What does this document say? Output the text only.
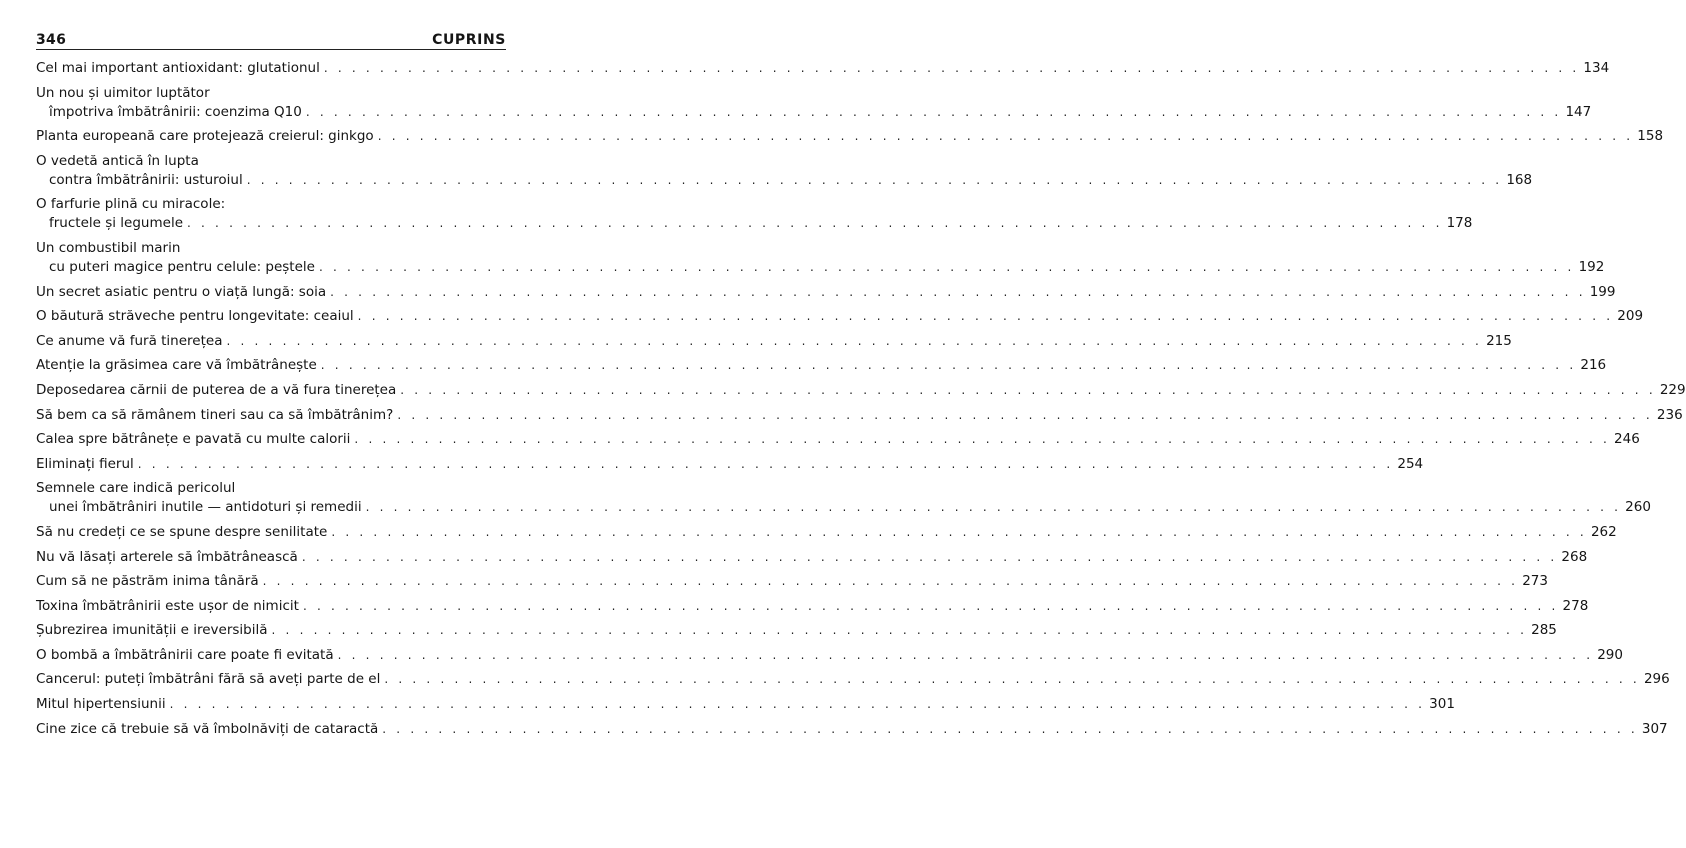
346	CUPRINS
Cel mai important antioxidant: glutationul . . . . . . . . . . . . . . . . . . . . . . . . . . . . . . . . . . . . . . . . . . . . . . . . . . . . . . . . . . . . . . . . . . . . . . . . . . . . . . . . . . . . . . . . . . 134
Un nou și uimitor luptător
împotriva îmbătrânirii: coenzima Q10 . . . . . . . . . . . . . . . . . . . . . . . . . . . . . . . . . . . . . . . . . . . . . . . . . . . . . . . . . . . . . . . . . . . . . . . . . . . . . . . . . . . . . . . . . . 147
Planta europeană care protejează creierul: ginkgo . . . . . . . . . . . . . . . . . . . . . . . . . . . . . . . . . . . . . . . . . . . . . . . . . . . . . . . . . . . . . . . . . . . . . . . . . . . . . . . . . . . . . . . . . . 158
O vedetă antică în lupta
contra îmbătrânirii: usturoiul . . . . . . . . . . . . . . . . . . . . . . . . . . . . . . . . . . . . . . . . . . . . . . . . . . . . . . . . . . . . . . . . . . . . . . . . . . . . . . . . . . . . . . . . . . 168
O farfurie plină cu miracole:
fructele și legumele . . . . . . . . . . . . . . . . . . . . . . . . . . . . . . . . . . . . . . . . . . . . . . . . . . . . . . . . . . . . . . . . . . . . . . . . . . . . . . . . . . . . . . . . . . 178
Un combustibil marin
cu puteri magice pentru celule: peștele . . . . . . . . . . . . . . . . . . . . . . . . . . . . . . . . . . . . . . . . . . . . . . . . . . . . . . . . . . . . . . . . . . . . . . . . . . . . . . . . . . . . . . . . . . 192
Un secret asiatic pentru o viață lungă: soia . . . . . . . . . . . . . . . . . . . . . . . . . . . . . . . . . . . . . . . . . . . . . . . . . . . . . . . . . . . . . . . . . . . . . . . . . . . . . . . . . . . . . . . . . . 199
O băutură străveche pentru longevitate: ceaiul . . . . . . . . . . . . . . . . . . . . . . . . . . . . . . . . . . . . . . . . . . . . . . . . . . . . . . . . . . . . . . . . . . . . . . . . . . . . . . . . . . . . . . . . . . 209
Ce anume vă fură tinerețea . . . . . . . . . . . . . . . . . . . . . . . . . . . . . . . . . . . . . . . . . . . . . . . . . . . . . . . . . . . . . . . . . . . . . . . . . . . . . . . . . . . . . . . . . . 215
Atenție la grăsimea care vă îmbătrânește . . . . . . . . . . . . . . . . . . . . . . . . . . . . . . . . . . . . . . . . . . . . . . . . . . . . . . . . . . . . . . . . . . . . . . . . . . . . . . . . . . . . . . . . . . 216
Deposedarea cărnii de puterea de a vă fura tinerețea . . . . . . . . . . . . . . . . . . . . . . . . . . . . . . . . . . . . . . . . . . . . . . . . . . . . . . . . . . . . . . . . . . . . . . . . . . . . . . . . . . . . . . . . . . 229
Să bem ca să rămânem tineri sau ca să îmbătrânim? . . . . . . . . . . . . . . . . . . . . . . . . . . . . . . . . . . . . . . . . . . . . . . . . . . . . . . . . . . . . . . . . . . . . . . . . . . . . . . . . . . . . . . . . . . 236
Calea spre bătrânețe e pavată cu multe calorii . . . . . . . . . . . . . . . . . . . . . . . . . . . . . . . . . . . . . . . . . . . . . . . . . . . . . . . . . . . . . . . . . . . . . . . . . . . . . . . . . . . . . . . . . . 246
Eliminați fierul . . . . . . . . . . . . . . . . . . . . . . . . . . . . . . . . . . . . . . . . . . . . . . . . . . . . . . . . . . . . . . . . . . . . . . . . . . . . . . . . . . . . . . . . . . 254
Semnele care indică pericolul
unei îmbătrâniri inutile — antidoturi și remedii . . . . . . . . . . . . . . . . . . . . . . . . . . . . . . . . . . . . . . . . . . . . . . . . . . . . . . . . . . . . . . . . . . . . . . . . . . . . . . . . . . . . . . . . . . 260
Să nu credeți ce se spune despre senilitate . . . . . . . . . . . . . . . . . . . . . . . . . . . . . . . . . . . . . . . . . . . . . . . . . . . . . . . . . . . . . . . . . . . . . . . . . . . . . . . . . . . . . . . . . . 262
Nu vă lăsați arterele să îmbătrânească . . . . . . . . . . . . . . . . . . . . . . . . . . . . . . . . . . . . . . . . . . . . . . . . . . . . . . . . . . . . . . . . . . . . . . . . . . . . . . . . . . . . . . . . . . 268
Cum să ne păstrăm inima tânără . . . . . . . . . . . . . . . . . . . . . . . . . . . . . . . . . . . . . . . . . . . . . . . . . . . . . . . . . . . . . . . . . . . . . . . . . . . . . . . . . . . . . . . . . . 273
Toxina îmbătrânirii este ușor de nimicit . . . . . . . . . . . . . . . . . . . . . . . . . . . . . . . . . . . . . . . . . . . . . . . . . . . . . . . . . . . . . . . . . . . . . . . . . . . . . . . . . . . . . . . . . . 278
Șubrezirea imunității e ireversibilă . . . . . . . . . . . . . . . . . . . . . . . . . . . . . . . . . . . . . . . . . . . . . . . . . . . . . . . . . . . . . . . . . . . . . . . . . . . . . . . . . . . . . . . . . . 285
O bombă a îmbătrânirii care poate fi evitată . . . . . . . . . . . . . . . . . . . . . . . . . . . . . . . . . . . . . . . . . . . . . . . . . . . . . . . . . . . . . . . . . . . . . . . . . . . . . . . . . . . . . . . . . . 290
Cancerul: puteți îmbătrâni fără să aveți parte de el . . . . . . . . . . . . . . . . . . . . . . . . . . . . . . . . . . . . . . . . . . . . . . . . . . . . . . . . . . . . . . . . . . . . . . . . . . . . . . . . . . . . . . . . . . 296
Mitul hipertensiunii . . . . . . . . . . . . . . . . . . . . . . . . . . . . . . . . . . . . . . . . . . . . . . . . . . . . . . . . . . . . . . . . . . . . . . . . . . . . . . . . . . . . . . . . . . 301
Cine zice că trebuie să vă îmbolnăviți de cataractă . . . . . . . . . . . . . . . . . . . . . . . . . . . . . . . . . . . . . . . . . . . . . . . . . . . . . . . . . . . . . . . . . . . . . . . . . . . . . . . . . . . . . . . . . . 307
